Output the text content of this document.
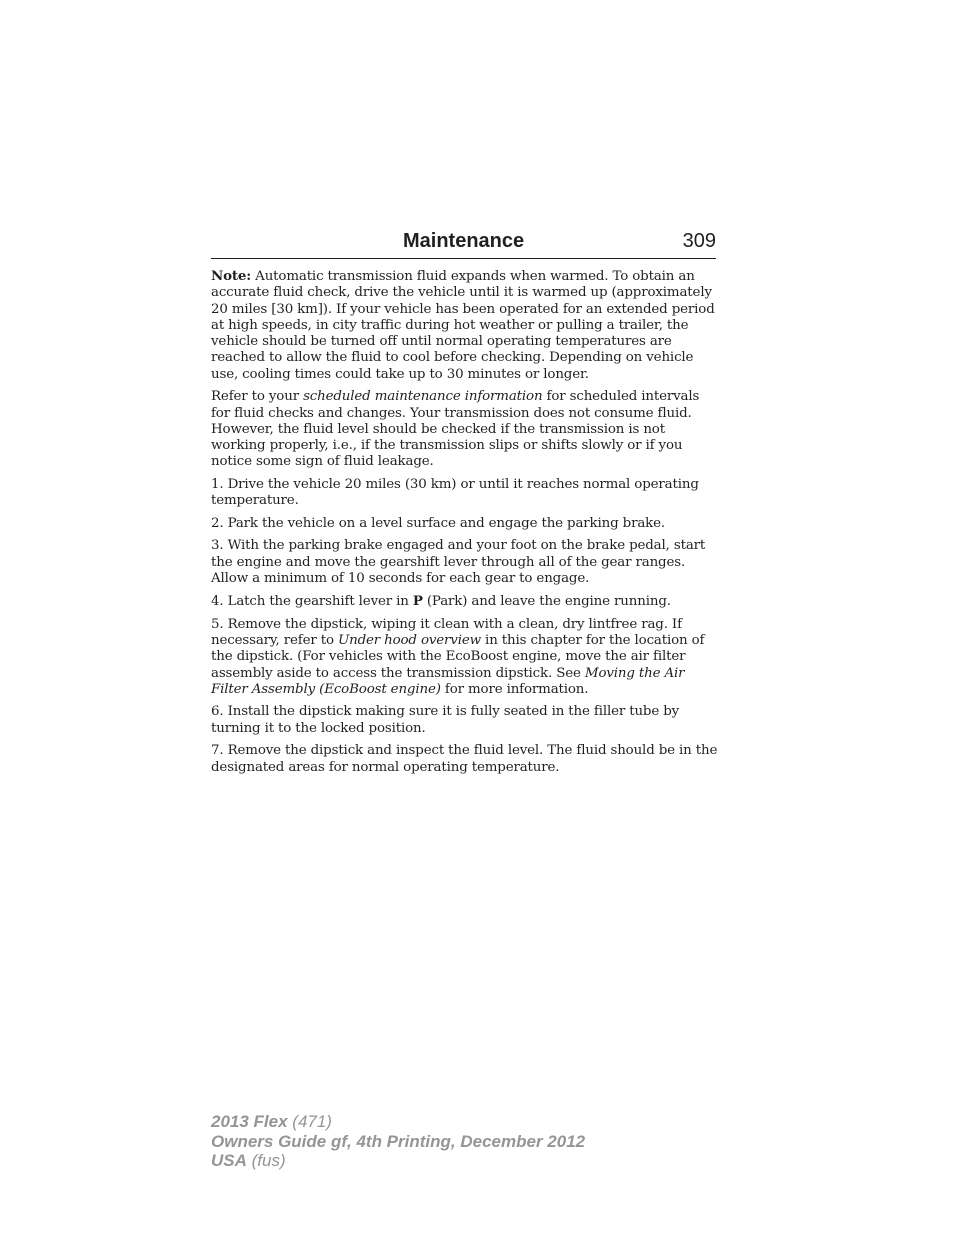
Maintenance	309

Note: Automatic transmission fluid expands when warmed. To obtain an accurate fluid check, drive the vehicle until it is warmed up (approximately 20 miles [30 km]). If your vehicle has been operated for an extended period at high speeds, in city traffic during hot weather or pulling a trailer, the vehicle should be turned off until normal operating temperatures are reached to allow the fluid to cool before checking. Depending on vehicle use, cooling times could take up to 30 minutes or longer.

Refer to your scheduled maintenance information for scheduled intervals for fluid checks and changes. Your transmission does not consume fluid. However, the fluid level should be checked if the transmission is not working properly, i.e., if the transmission slips or shifts slowly or if you notice some sign of fluid leakage.

1. Drive the vehicle 20 miles (30 km) or until it reaches normal operating temperature.

2. Park the vehicle on a level surface and engage the parking brake.

3. With the parking brake engaged and your foot on the brake pedal, start the engine and move the gearshift lever through all of the gear ranges. Allow a minimum of 10 seconds for each gear to engage.

4. Latch the gearshift lever in P (Park) and leave the engine running.

5. Remove the dipstick, wiping it clean with a clean, dry lintfree rag. If necessary, refer to Under hood overview in this chapter for the location of the dipstick. (For vehicles with the EcoBoost engine, move the air filter assembly aside to access the transmission dipstick. See Moving the Air Filter Assembly (EcoBoost engine) for more information.

6. Install the dipstick making sure it is fully seated in the filler tube by turning it to the locked position.

7. Remove the dipstick and inspect the fluid level. The fluid should be in the designated areas for normal operating temperature.

2013 Flex (471)
Owners Guide gf, 4th Printing, December 2012
USA (fus)
